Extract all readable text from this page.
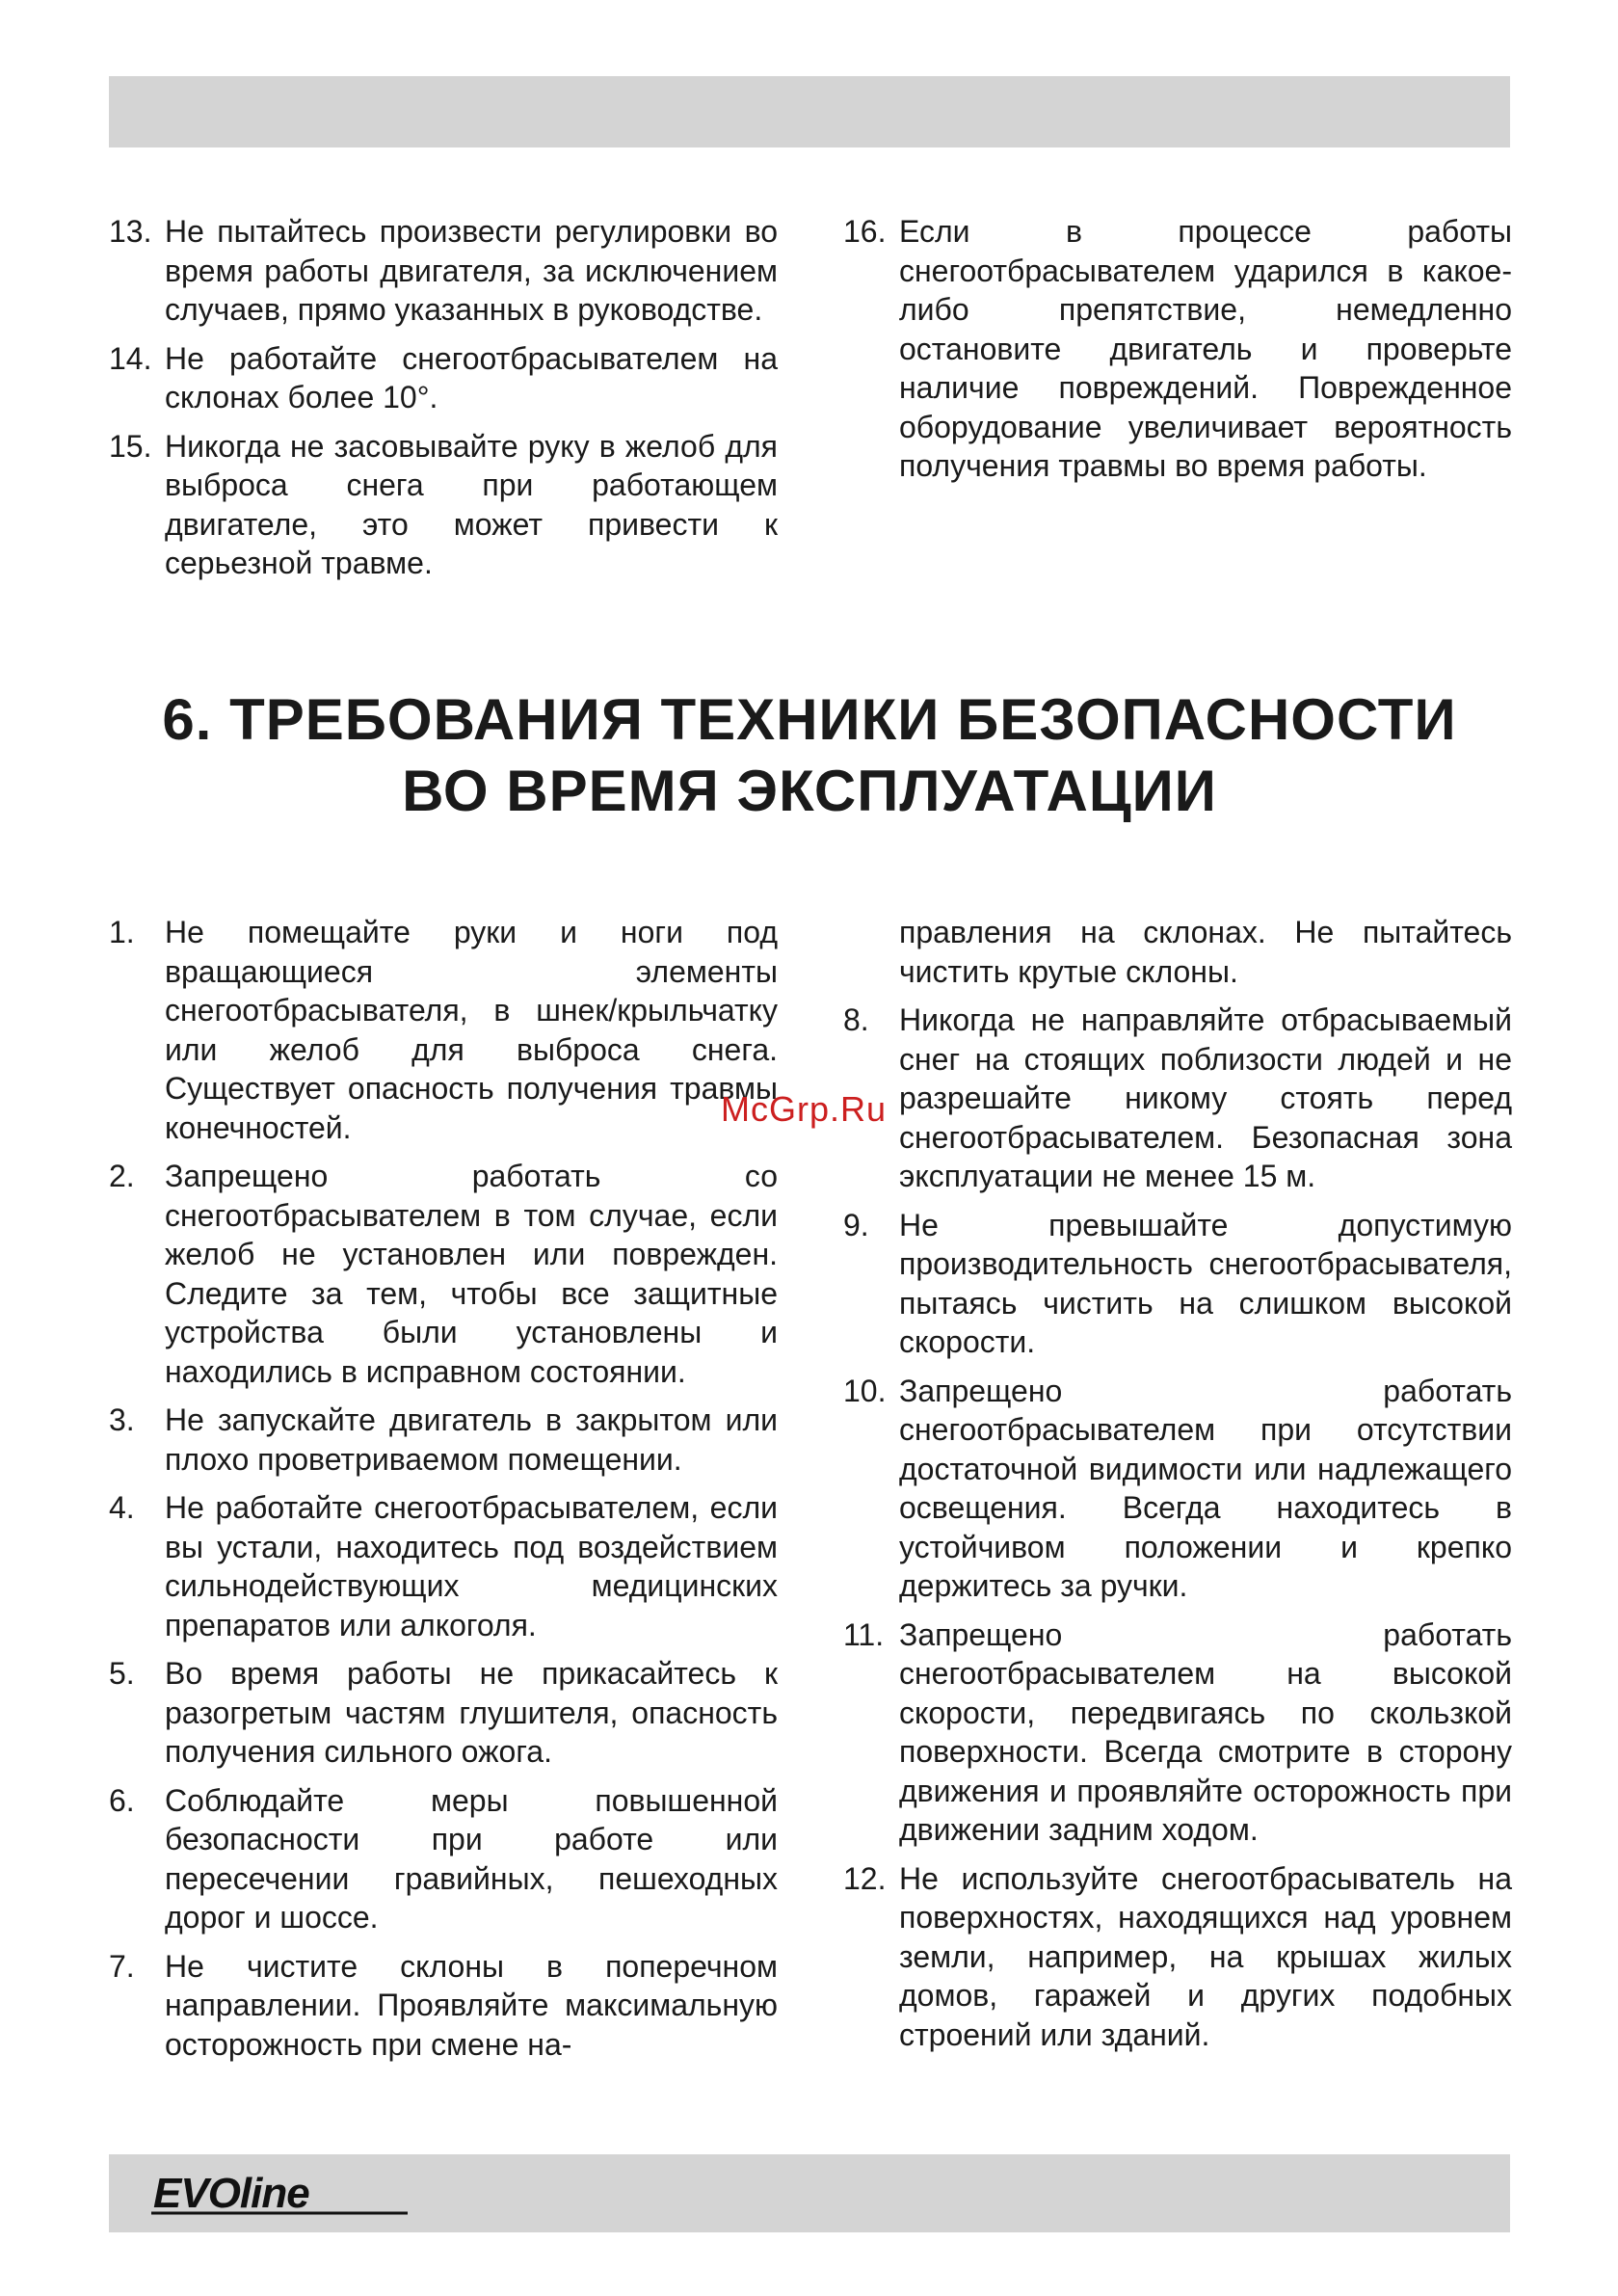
13. Не пытайтесь произвести регулировки во время работы двигателя, за исключением случаев, прямо указанных в руководстве.
14. Не работайте снегоотбрасывателем на склонах более 10°.
15. Никогда не засовывайте руку в желоб для выброса снега при работающем двигателе, это может привести к серьезной травме.
16. Если в процессе работы снегоотбрасывателем ударился в какое-либо препятствие, немедленно остановите двигатель и проверьте наличие повреждений. Поврежденное оборудование увеличивает вероятность получения травмы во время работы.
6. ТРЕБОВАНИЯ ТЕХНИКИ БЕЗОПАСНОСТИ
ВО ВРЕМЯ ЭКСПЛУАТАЦИИ
1. Не помещайте руки и ноги под вращающиеся элементы снегоотбрасывателя, в шнек/крыльчатку или желоб для выброса снега. Существует опасность получения травмы конечностей.
2. Запрещено работать со снегоотбрасывателем в том случае, если желоб не установлен или поврежден. Следите за тем, чтобы все защитные устройства были установлены и находились в исправном состоянии.
3. Не запускайте двигатель в закрытом или плохо проветриваемом помещении.
4. Не работайте снегоотбрасывателем, если вы устали, находитесь под воздействием сильнодействующих медицинских препаратов или алкоголя.
5. Во время работы не прикасайтесь к разогретым частям глушителя, опасность получения сильного ожога.
6. Соблюдайте меры повышенной безопасности при работе или пересечении гравийных, пешеходных дорог и шоссе.
7. Не чистите склоны в поперечном направлении. Проявляйте максимальную осторожность при смене на-
правления на склонах. Не пытайтесь чистить крутые склоны.
8. Никогда не направляйте отбрасываемый снег на стоящих поблизости людей и не разрешайте никому стоять перед снегоотбрасывателем. Безопасная зона эксплуатации не менее 15 м.
9. Не превышайте допустимую производительность снегоотбрасывателя, пытаясь чистить на слишком высокой скорости.
10. Запрещено работать снегоотбрасывателем при отсутствии достаточной видимости или надлежащего освещения. Всегда находитесь в устойчивом положении и крепко держитесь за ручки.
11. Запрещено работать снегоотбрасывателем на высокой скорости, передвигаясь по скользкой поверхности. Всегда смотрите в сторону движения и проявляйте осторожность при движении задним ходом.
12. Не используйте снегоотбрасыватель на поверхностях, находящихся над уровнем земли, например, на крышах жилых домов, гаражей и других подобных строений или зданий.
McGrp.Ru
EVOline
